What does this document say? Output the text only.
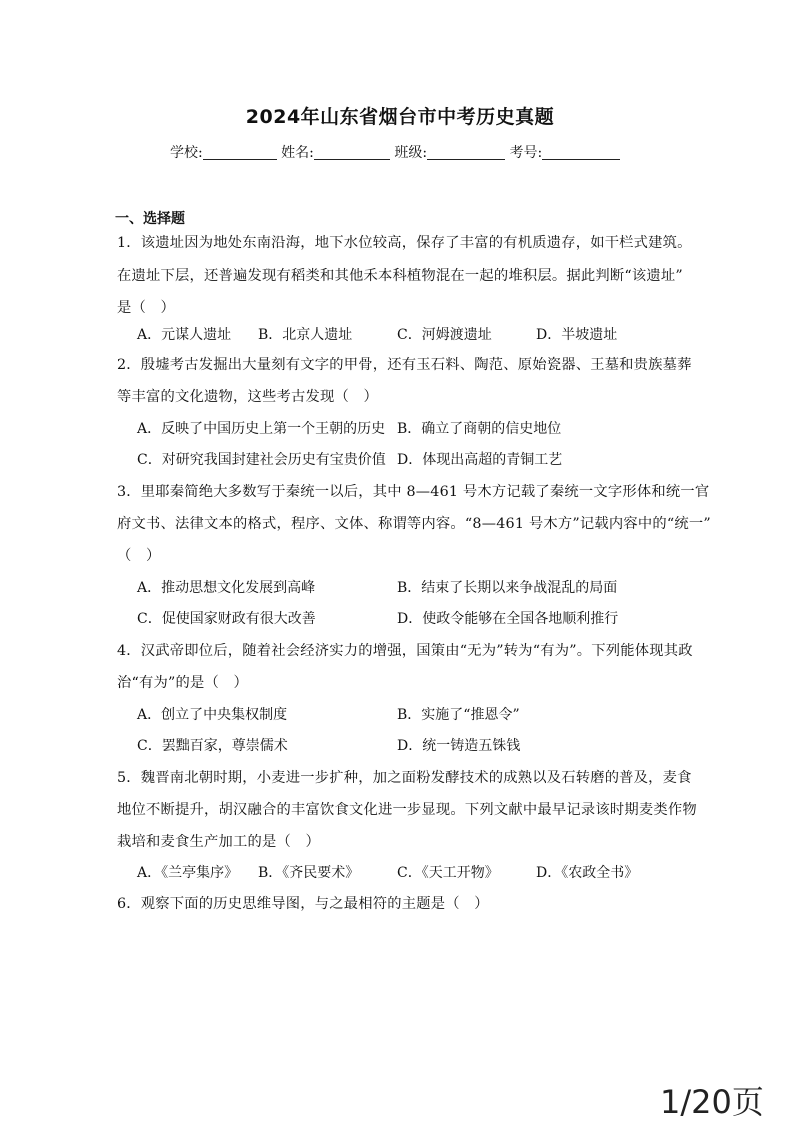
2024年山东省烟台市中考历史真题
学校:	姓名:	班级:	考号:
一、选择题
1．该遗址因为地处东南沿海，地下水位较高，保存了丰富的有机质遗存，如干栏式建筑。
在遗址下层，还普遍发现有稻类和其他禾本科植物混在一起的堆积层。据此判断“该遗址”
是（　）
A．元谋人遗址 B．北京人遗址	C．河姆渡遗址	D．半坡遗址
2．殷墟考古发掘出大量刻有文字的甲骨，还有玉石料、陶范、原始瓷器、王墓和贵族墓葬
等丰富的文化遗物，这些考古发现（　）
A．反映了中国历史上第一个王朝的历史 B．确立了商朝的信史地位
C．对研究我国封建社会历史有宝贵价值 D．体现出高超的青铜工艺
3．里耶秦简绝大多数写于秦统一以后，其中 8—461 号木方记载了秦统一文字形体和统一官
府文书、法律文本的格式，程序、文体、称谓等内容。“8—461 号木方”记载内容中的“统一”
（　）
A．推动思想文化发展到高峰	B．结束了长期以来争战混乱的局面
C．促使国家财政有很大改善	D．使政令能够在全国各地顺利推行
4．汉武帝即位后，随着社会经济实力的增强，国策由“无为”转为“有为”。下列能体现其政
治“有为”的是（　）
A．创立了中央集权制度	B．实施了“推恩令”
C．罢黜百家，尊崇儒术	D．统一铸造五铢钱
5．魏晋南北朝时期，小麦进一步扩种，加之面粉发酵技术的成熟以及石转磨的普及，麦食
地位不断提升，胡汉融合的丰富饮食文化进一步显现。下列文献中最早记录该时期麦类作物
栽培和麦食生产加工的是（　）
A．《兰亭集序》 B．《齐民要术》	C．《天工开物》	D．《农政全书》
6．观察下面的历史思维导图，与之最相符的主题是（　）
1/20页
